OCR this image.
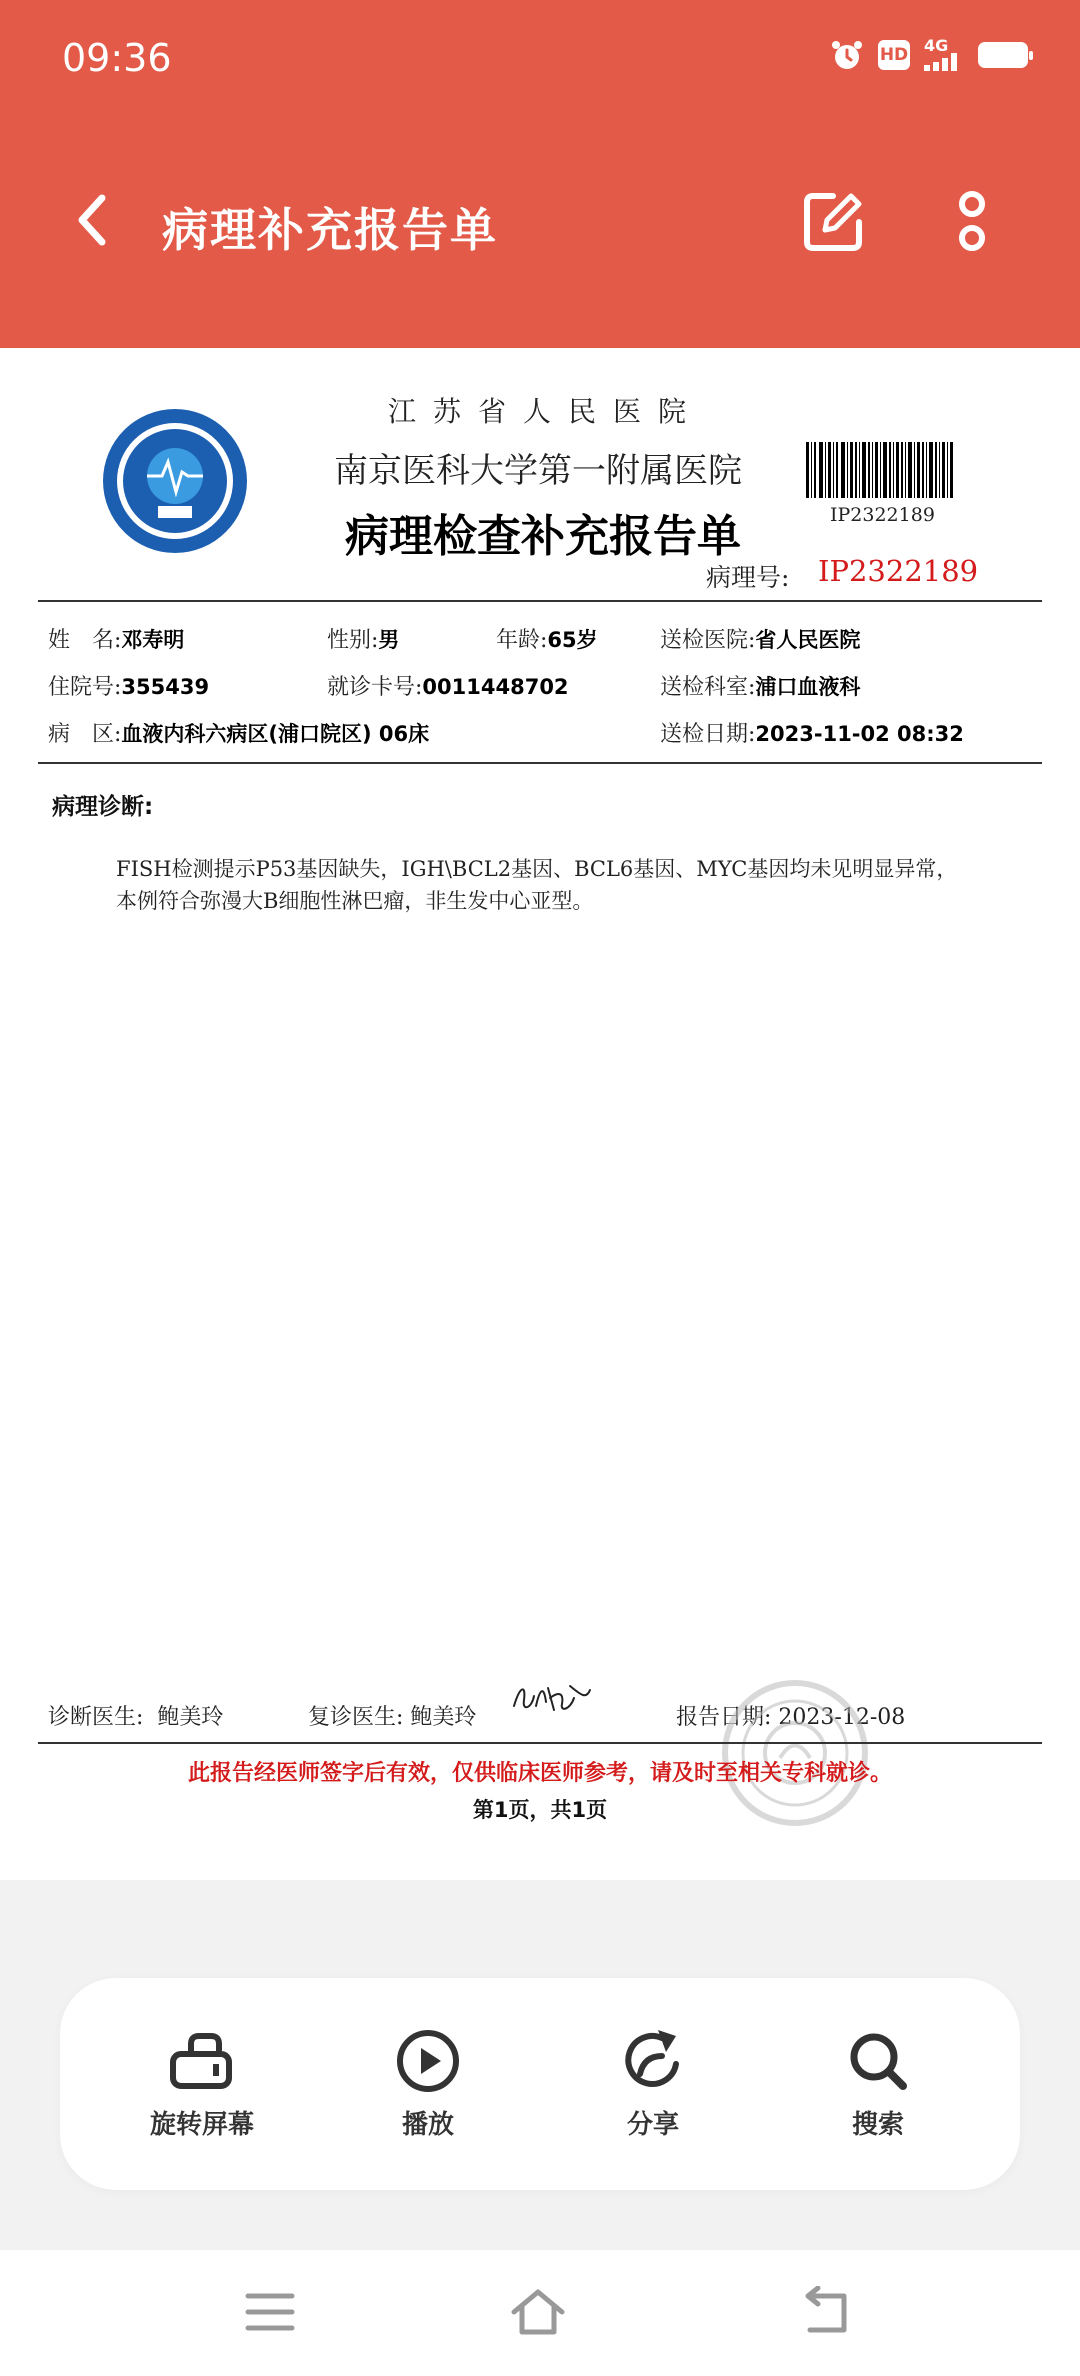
09:36	HD 4G
病理补充报告单
江苏省人民医院
南京医科大学第一附属医院
病理检查补充报告单	IP2322189
病理号: IP2322189
姓　名:邓寿明	性别:男	年龄:65岁	送检医院:省人民医院
住院号:355439	就诊卡号:0011448702	送检科室:浦口血液科
病　区:血液内科六病区(浦口院区) 06床	送检日期:2023-11-02 08:32
病理诊断:
FISH检测提示P53基因缺失，IGH\BCL2基因、BCL6基因、MYC基因均未见明显异常，
本例符合弥漫大B细胞性淋巴瘤，非生发中心亚型。
诊断医生: 鲍美玲	复诊医生: 鲍美玲	报告日期: 2023-12-08
此报告经医师签字后有效，仅供临床医师参考，请及时至相关专科就诊。
第1页，共1页
旋转屏幕	播放	分享	搜索
